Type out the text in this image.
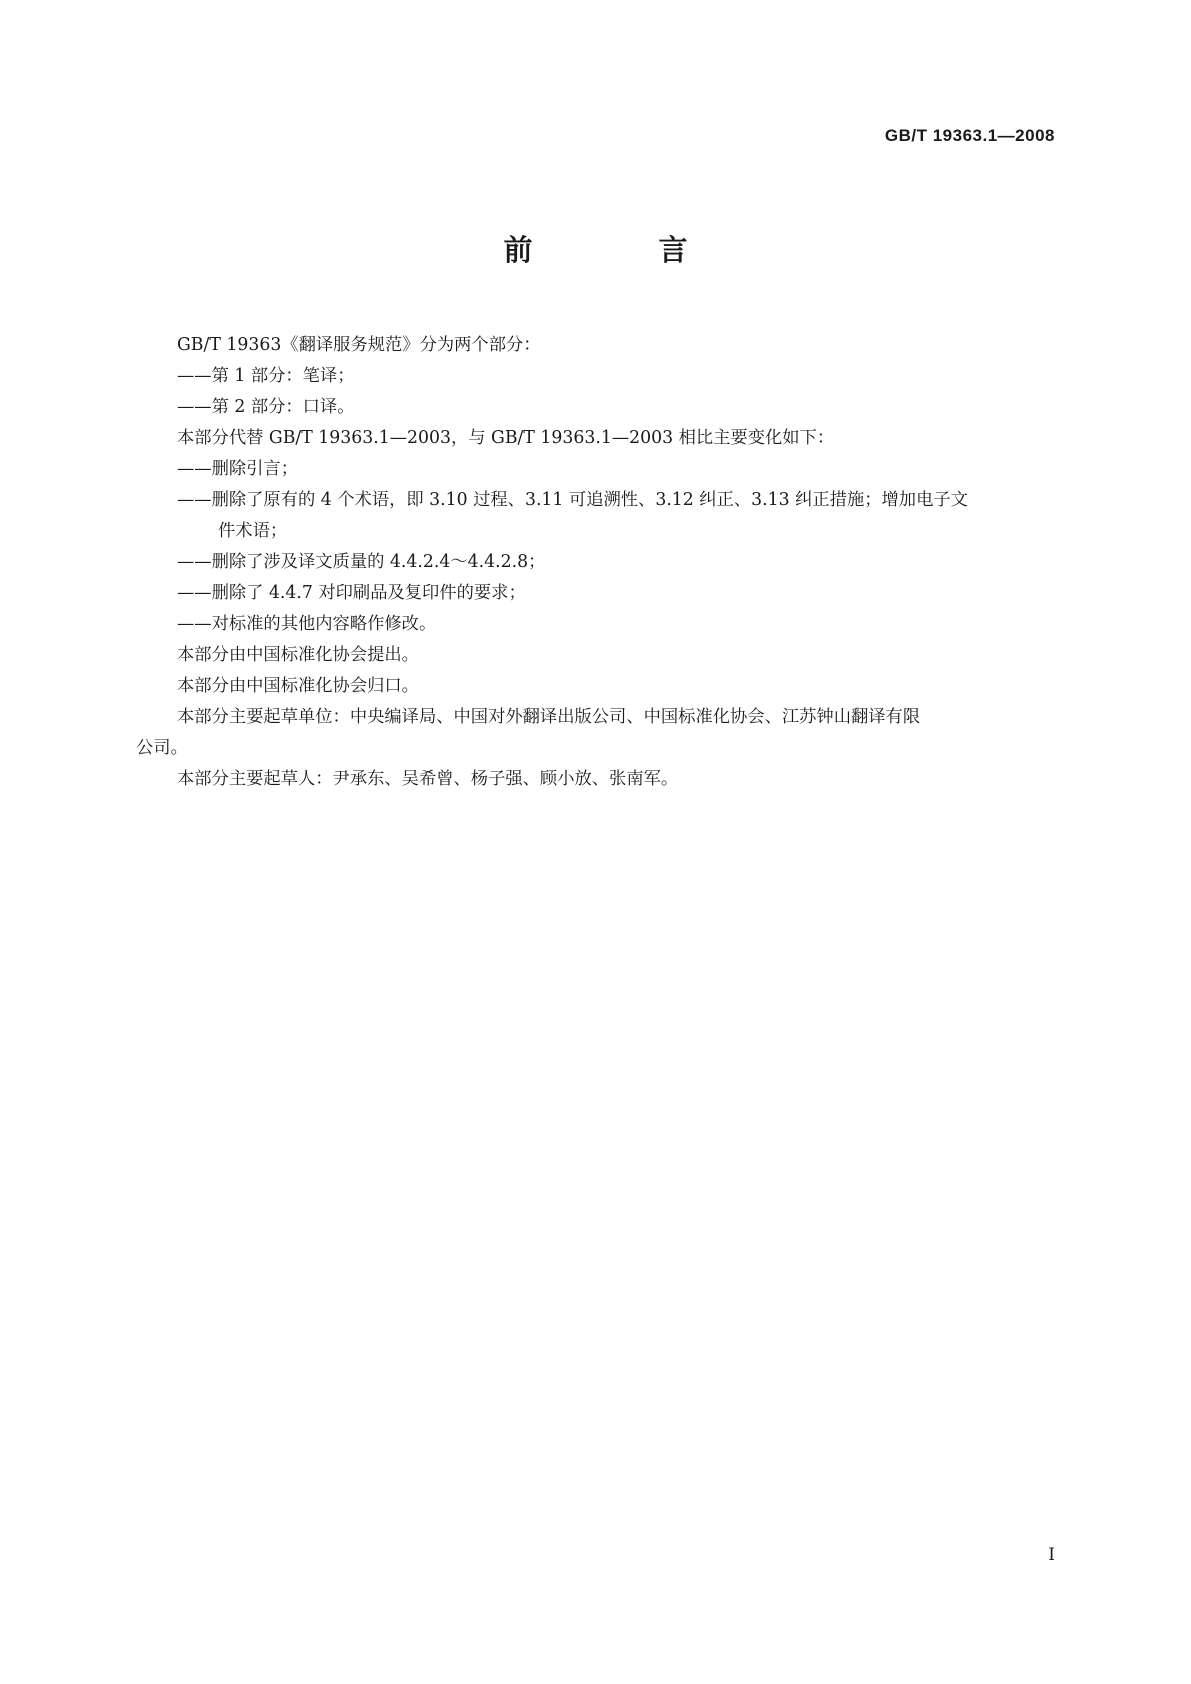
GB/T 19363.1—2008
前 言

GB/T 19363《翻译服务规范》分为两个部分：

——第 1 部分：笔译；

——第 2 部分：口译。

本部分代替 GB/T 19363.1—2003，与 GB/T 19363.1—2003 相比主要变化如下：

——删除引言；

——删除了原有的 4 个术语，即 3.10 过程、3.11 可追溯性、3.12 纠正、3.13 纠正措施；增加电子文
件术语；

——删除了涉及译文质量的 4.4.2.4～4.4.2.8；

——删除了 4.4.7 对印刷品及复印件的要求；

——对标准的其他内容略作修改。

本部分由中国标准化协会提出。

本部分由中国标准化协会归口。

本部分主要起草单位：中央编译局、中国对外翻译出版公司、中国标准化协会、江苏钟山翻译有限
公司。

本部分主要起草人：尹承东、吴希曾、杨子强、顾小放、张南军。

I
